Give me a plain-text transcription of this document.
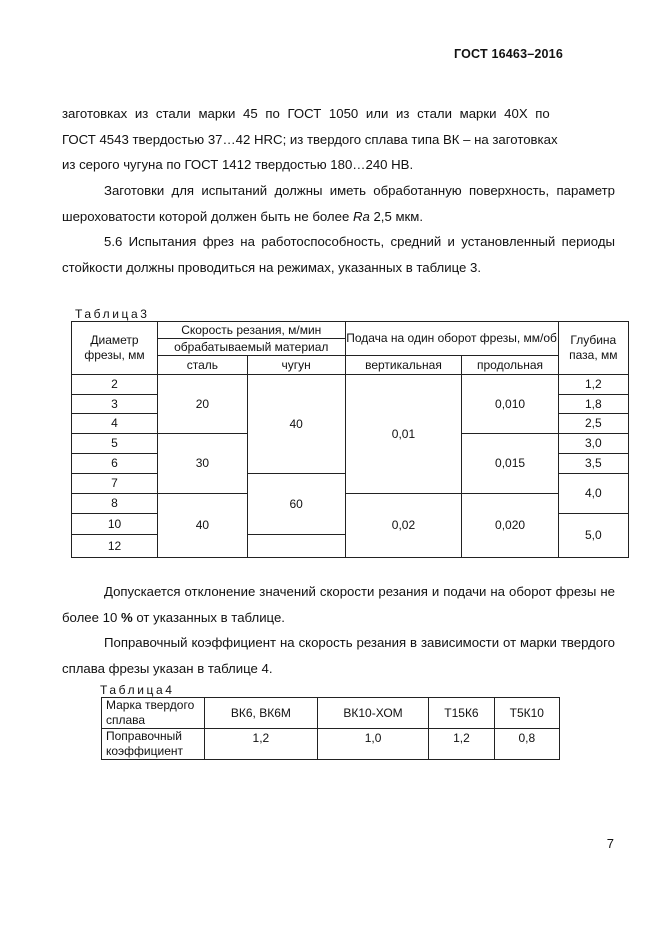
ГОСТ 16463–2016
заготовках из стали марки 45 по ГОСТ 1050 или из стали марки 40Х по
ГОСТ 4543 твердостью 37…42 HRC; из твердого сплава типа ВК – на заготовках
из серого чугуна по ГОСТ 1412 твердостью 180…240 НВ.

Заготовки для испытаний должны иметь обработанную поверхность, параметр шероховатости которой должен быть не более Ra 2,5 мкм.

5.6 Испытания фрез на работоспособность, средний и установленный периоды стойкости должны проводиться на режимах, указанных в таблице 3.

Таблица3
Диаметр фрезы, мм	Скорость резания, м/мин		Подача на один оборот фрезы, мм/об		Глубина паза, мм
	обрабатываемый материал				
	сталь	чугун	вертикальная	продольная	
2	20	40	0,01	0,010	1,2
3					1,8
4					2,5
5	30			0,015	3,0
6					3,5
7		60			4,0
8	40		0,02	0,020	
10					5,0
12					

Допускается отклонение значений скорости резания и подачи на оборот фрезы не более 10 % от указанных в таблице.

Поправочный коэффициент на скорость резания в зависимости от марки твердого сплава фрезы указан в таблице 4.

Таблица4
Марка твердого сплава	ВК6, ВК6М	ВК10-ХОМ	Т15К6	Т5К10
Поправочный коэффициент	1,2	1,0	1,2	0,8
7
